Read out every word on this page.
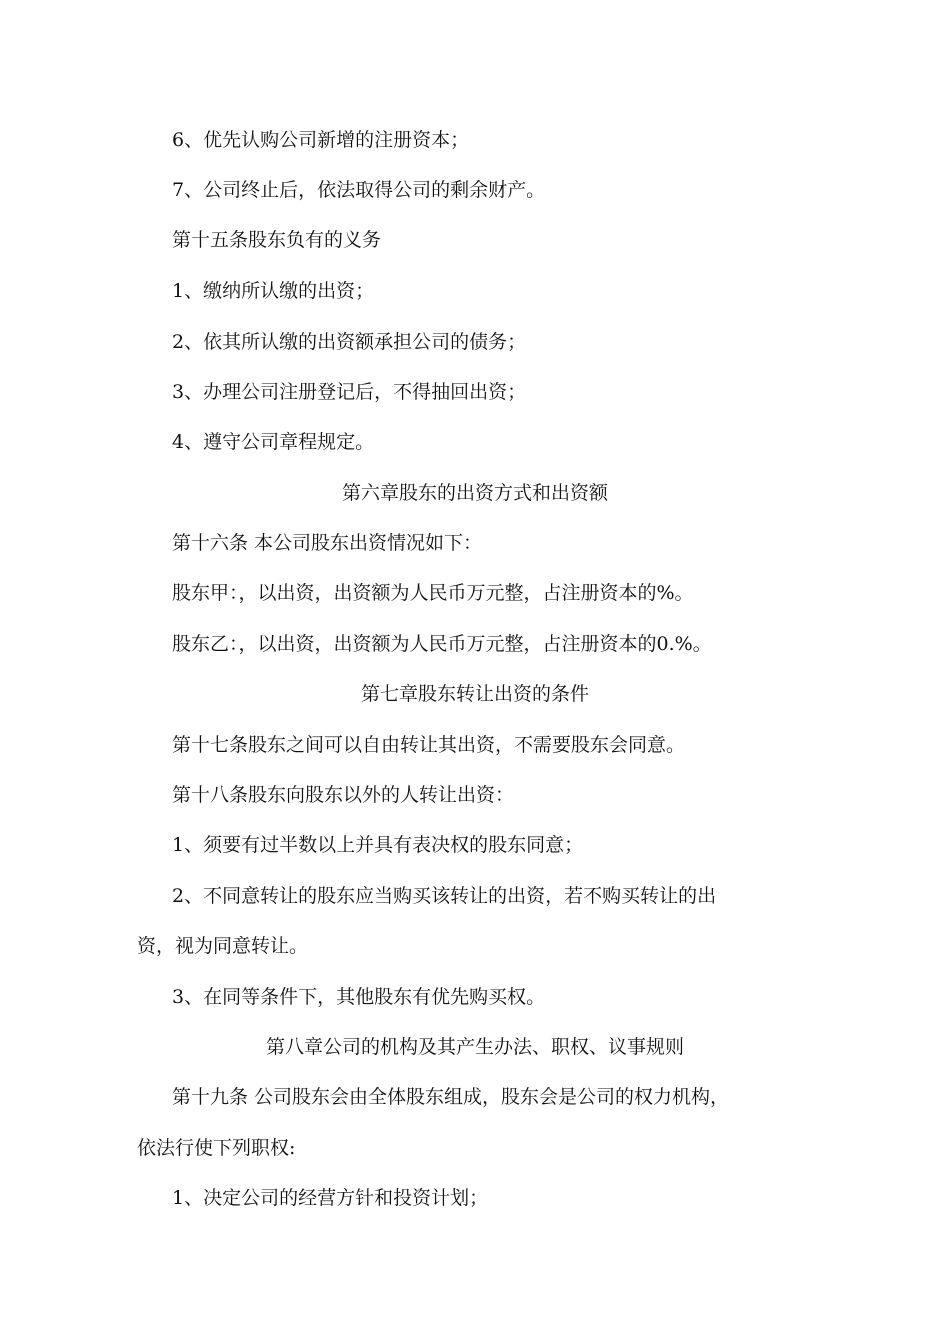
6、优先认购公司新增的注册资本；
7、公司终止后，依法取得公司的剩余财产。
第十五条股东负有的义务
1、缴纳所认缴的出资；
2、依其所认缴的出资额承担公司的债务；
3、办理公司注册登记后，不得抽回出资；
4、遵守公司章程规定。
第六章股东的出资方式和出资额
第十六条 本公司股东出资情况如下：
股东甲：，以出资，出资额为人民币万元整，占注册资本的%。
股东乙：，以出资，出资额为人民币万元整，占注册资本的0.%。
第七章股东转让出资的条件
第十七条股东之间可以自由转让其出资，不需要股东会同意。
第十八条股东向股东以外的人转让出资：
1、须要有过半数以上并具有表决权的股东同意；
2、不同意转让的股东应当购买该转让的出资，若不购买转让的出
资，视为同意转让。
3、在同等条件下，其他股东有优先购买权。
第八章公司的机构及其产生办法、职权、议事规则
第十九条 公司股东会由全体股东组成，股东会是公司的权力机构，
依法行使下列职权:
1、决定公司的经营方针和投资计划；
